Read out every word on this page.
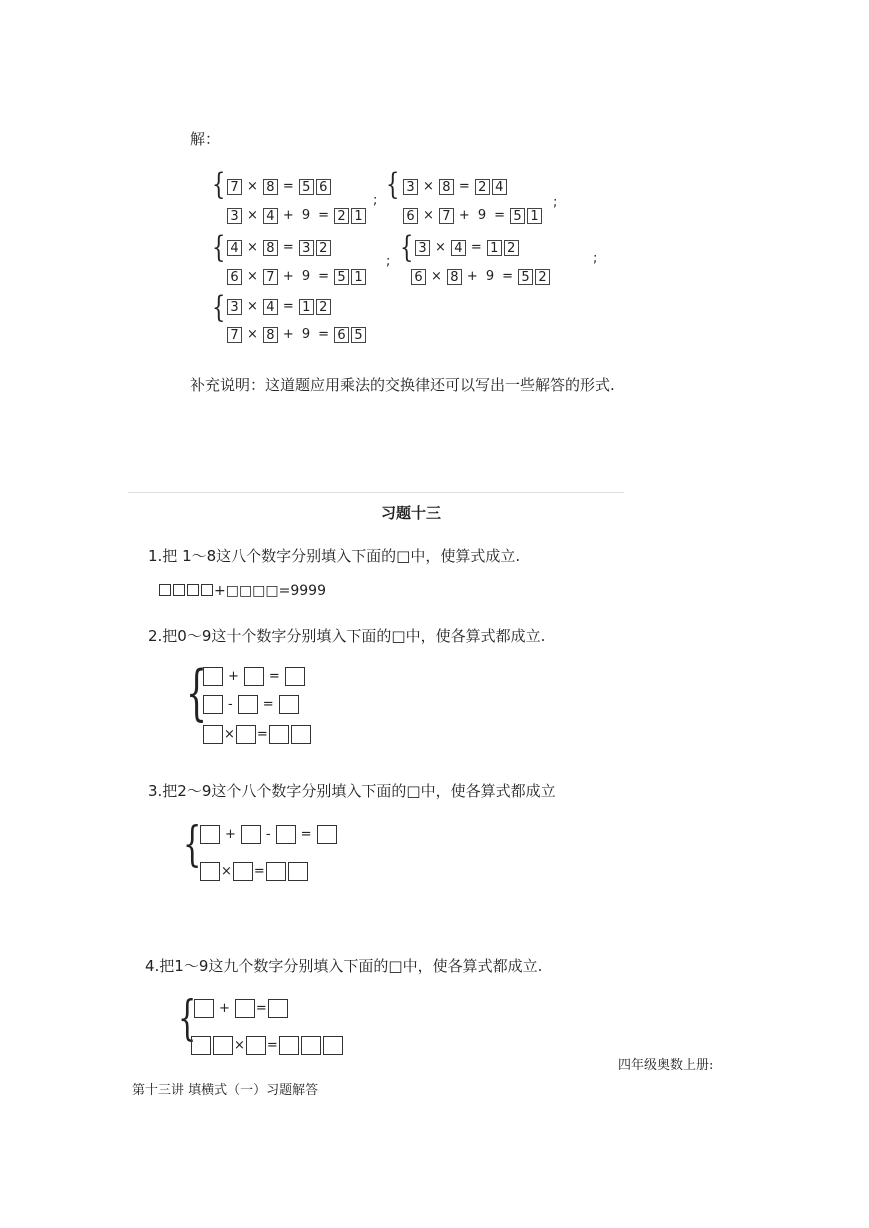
解：
{ 7 × 8 = 5 6
3 × 4 + 9 = 2 1
; { 3 × 8 = 2 4
6 × 7 + 9 = 5 1
;
{ 4 × 8 = 3 2
6 × 7 + 9 = 5 1
; { 3 × 4 = 1 2
6 × 8 + 9 = 5 2
;
{ 3 × 4 = 1 2
7 × 8 + 9 = 6 5
补充说明：这道题应用乘法的交换律还可以写出一些解答的形式.
习题十三
1.把 1～8这八个数字分别填入下面的□中，使算式成立.
+□□□□=9999
2.把0～9这十个数字分别填入下面的□中，使各算式都成立.
{	+ =
- =
× =
3.把2～9这个八个数字分别填入下面的□中，使各算式都成立
{	+ - =
× =
4.把1～9这九个数字分别填入下面的□中，使各算式都成立.
{	+ =
× =
四年级奥数上册:
第十三讲 填横式（一）习题解答
